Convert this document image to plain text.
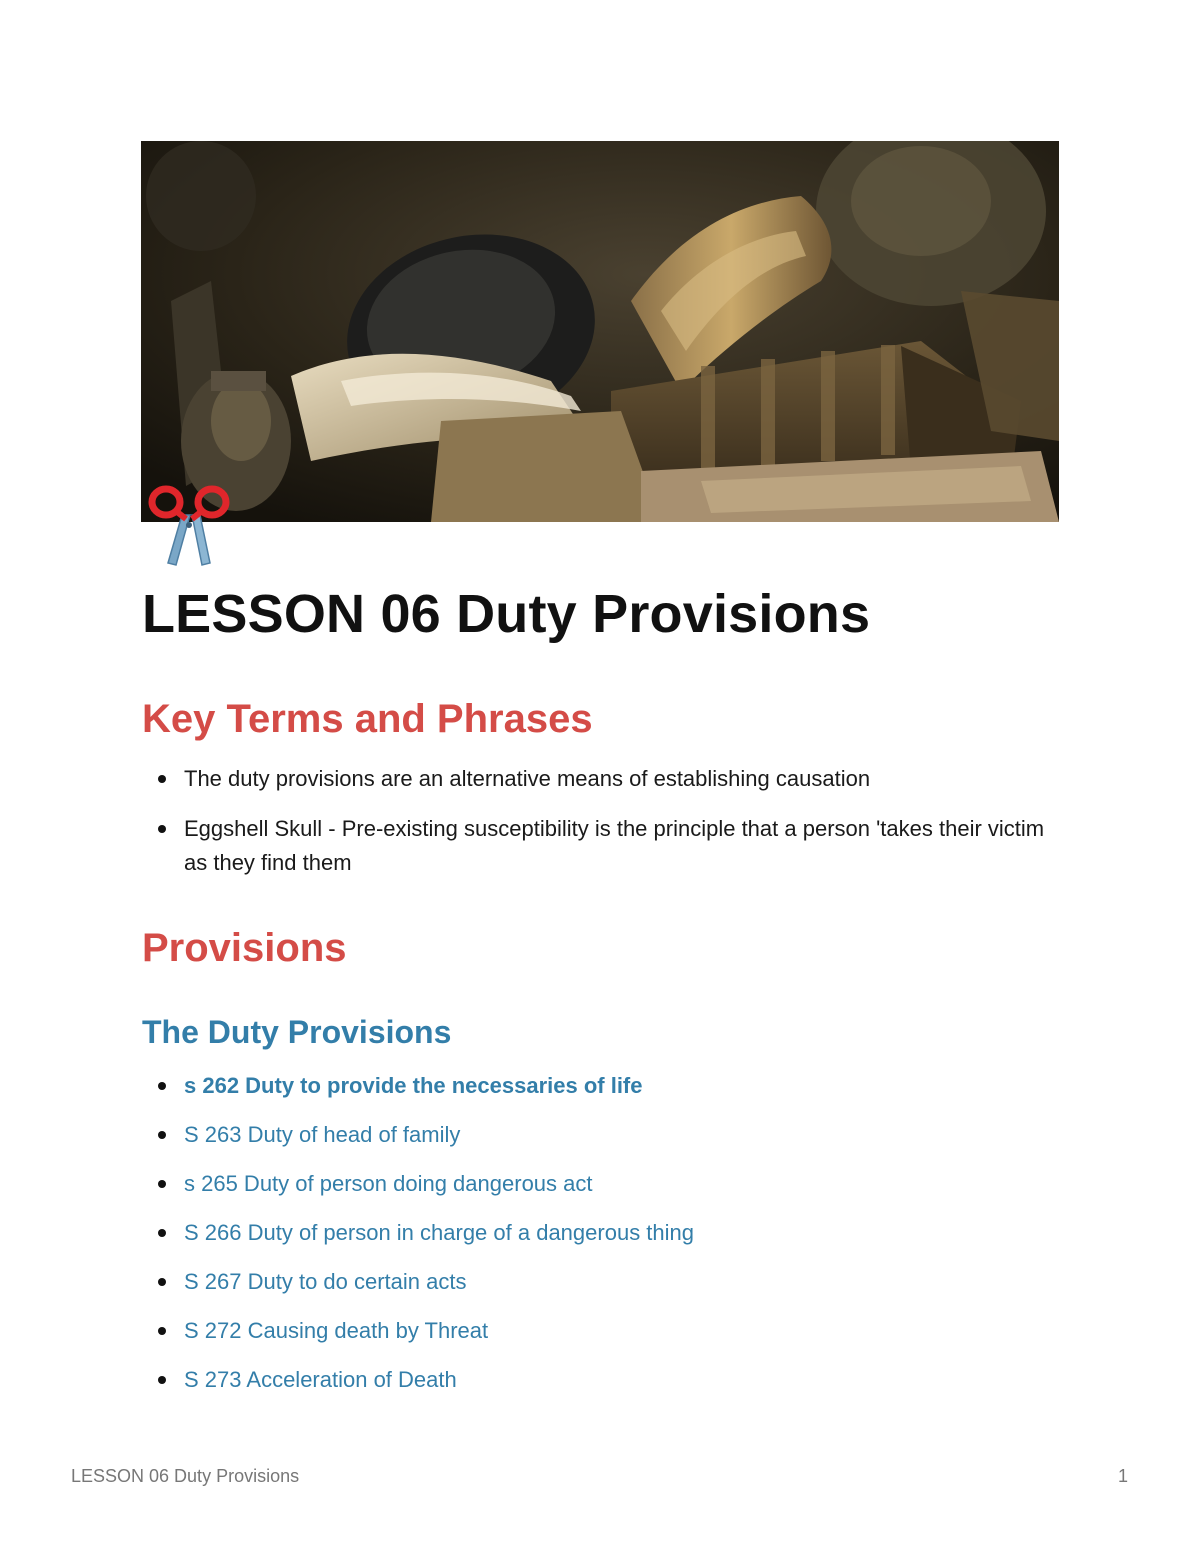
LESSON 06 Duty Provisions
Key Terms and Phrases
The duty provisions are an alternative means of establishing causation
Eggshell Skull - Pre-existing susceptibility is the principle that a person 'takes their victim as they find them
Provisions
The Duty Provisions
s 262 Duty to provide the necessaries of life
S 263 Duty of head of family
s 265 Duty of person doing dangerous act
S 266 Duty of person in charge of a dangerous thing
S 267 Duty to do certain acts
S 272 Causing death by Threat
S 273 Acceleration of Death
LESSON 06 Duty Provisions	1
